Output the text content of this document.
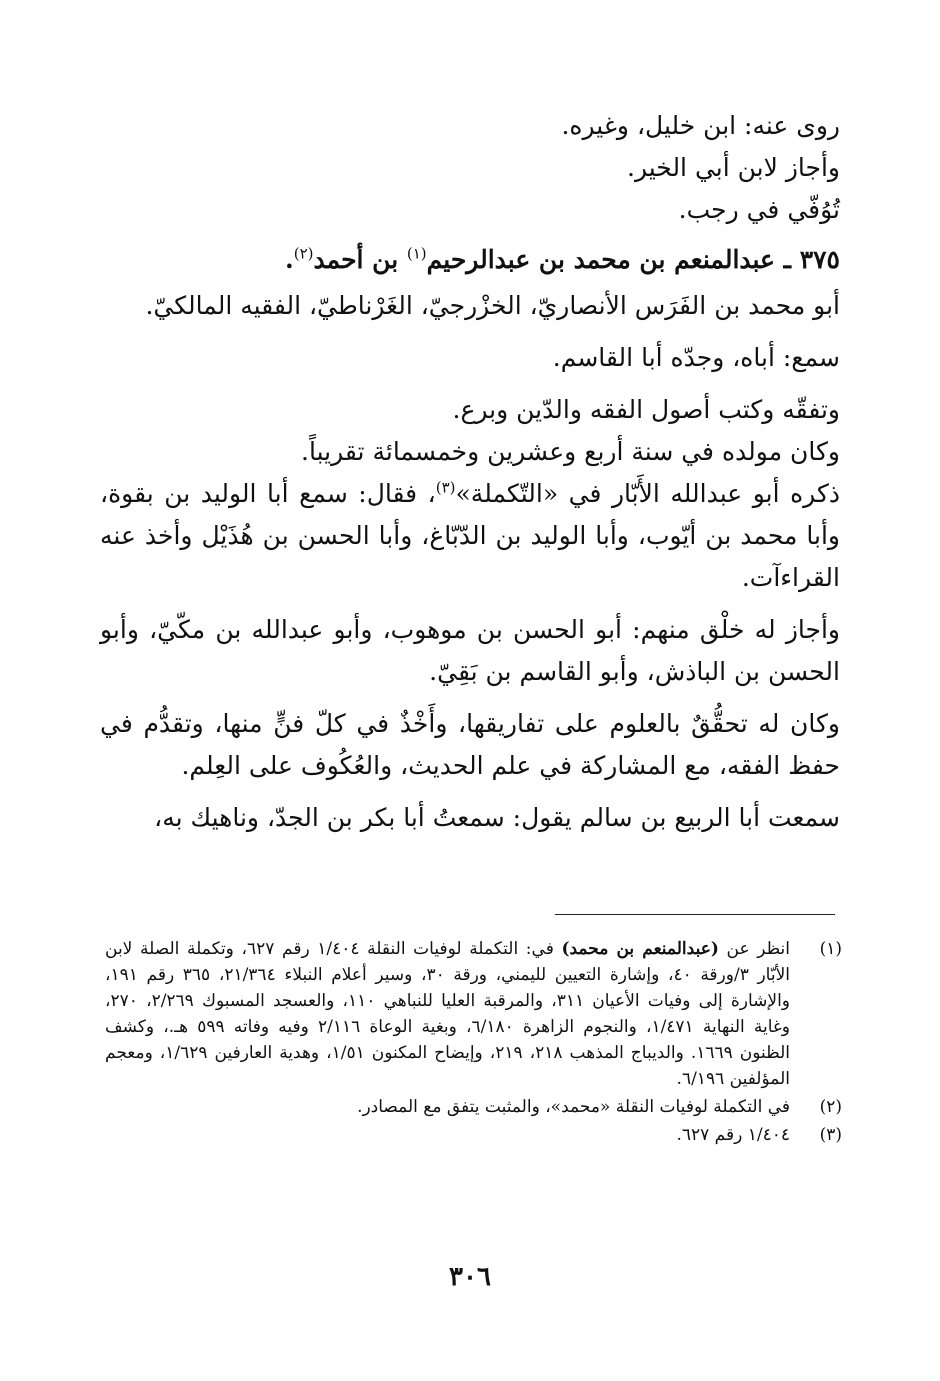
روى عنه: ابن خليل، وغيره.

وأجاز لابن أبي الخير.

تُوُفّي في رجب.

٣٧٥ ـ عبدالمنعم بن محمد بن عبدالرحيم$^{(١)}$ بن أحمد$^{(٢)}$.

أبو محمد بن الفَرَس الأنصاريّ، الخزْرجيّ، الغَرْناطيّ، الفقيه المالكيّ.

سمع: أباه، وجدّه أبا القاسم.

وتفقّه وكتب أصول الفقه والدّين وبرع.

وكان مولده في سنة أربع وعشرين وخمسمائة تقريباً.

ذكره أبو عبدالله الأَبّار في «التّكملة»$^{(٣)}$، فقال: سمع أبا الوليد بن بقوة، وأبا محمد بن أيّوب، وأبا الوليد بن الدّبّاغ، وأبا الحسن بن هُذَيْل وأخذ عنه القراءآت.

وأجاز له خلْق منهم: أبو الحسن بن موهوب، وأبو عبدالله بن مكّيّ، وأبو الحسن بن الباذش، وأبو القاسم بن بَقِيّ.

وكان له تحقُّقٌ بالعلوم على تفاريقها، وأَخْذٌ في كلّ فنٍّ منها، وتقدُّم في حفظ الفقه، مع المشاركة في علم الحديث، والعُكُوف على العِلم.

سمعت أبا الربيع بن سالم يقول: سمعتُ أبا بكر بن الجدّ، وناهيك به،

(١)
انظر عن (عبدالمنعم بن محمد) في: التكملة لوفيات النقلة ١/٤٠٤ رقم ٦٢٧، وتكملة الصلة لابن الأبّار ٣/ورقة ٤٠، وإشارة التعيين لليمني، ورقة ٣٠، وسير أعلام النبلاء ٢١/٣٦٤، ٣٦٥ رقم ١٩١، والإشارة إلى وفيات الأعيان ٣١١، والمرقبة العليا للنباهي ١١٠، والعسجد المسبوك ٢/٢٦٩، ٢٧٠، وغاية النهاية ١/٤٧١، والنجوم الزاهرة ٦/١٨٠، وبغية الوعاة ٢/١١٦ وفيه وفاته ٥٩٩ هـ.، وكشف الظنون ١٦٦٩. والديباج المذهب ٢١٨، ٢١٩، وإيضاح المكنون ١/٥١، وهدية العارفين ١/٦٢٩، ومعجم المؤلفين ٦/١٩٦.
(٢)
في التكملة لوفيات النقلة «محمد»، والمثبت يتفق مع المصادر.
(٣)
١/٤٠٤ رقم ٦٢٧.
٣٠٦
